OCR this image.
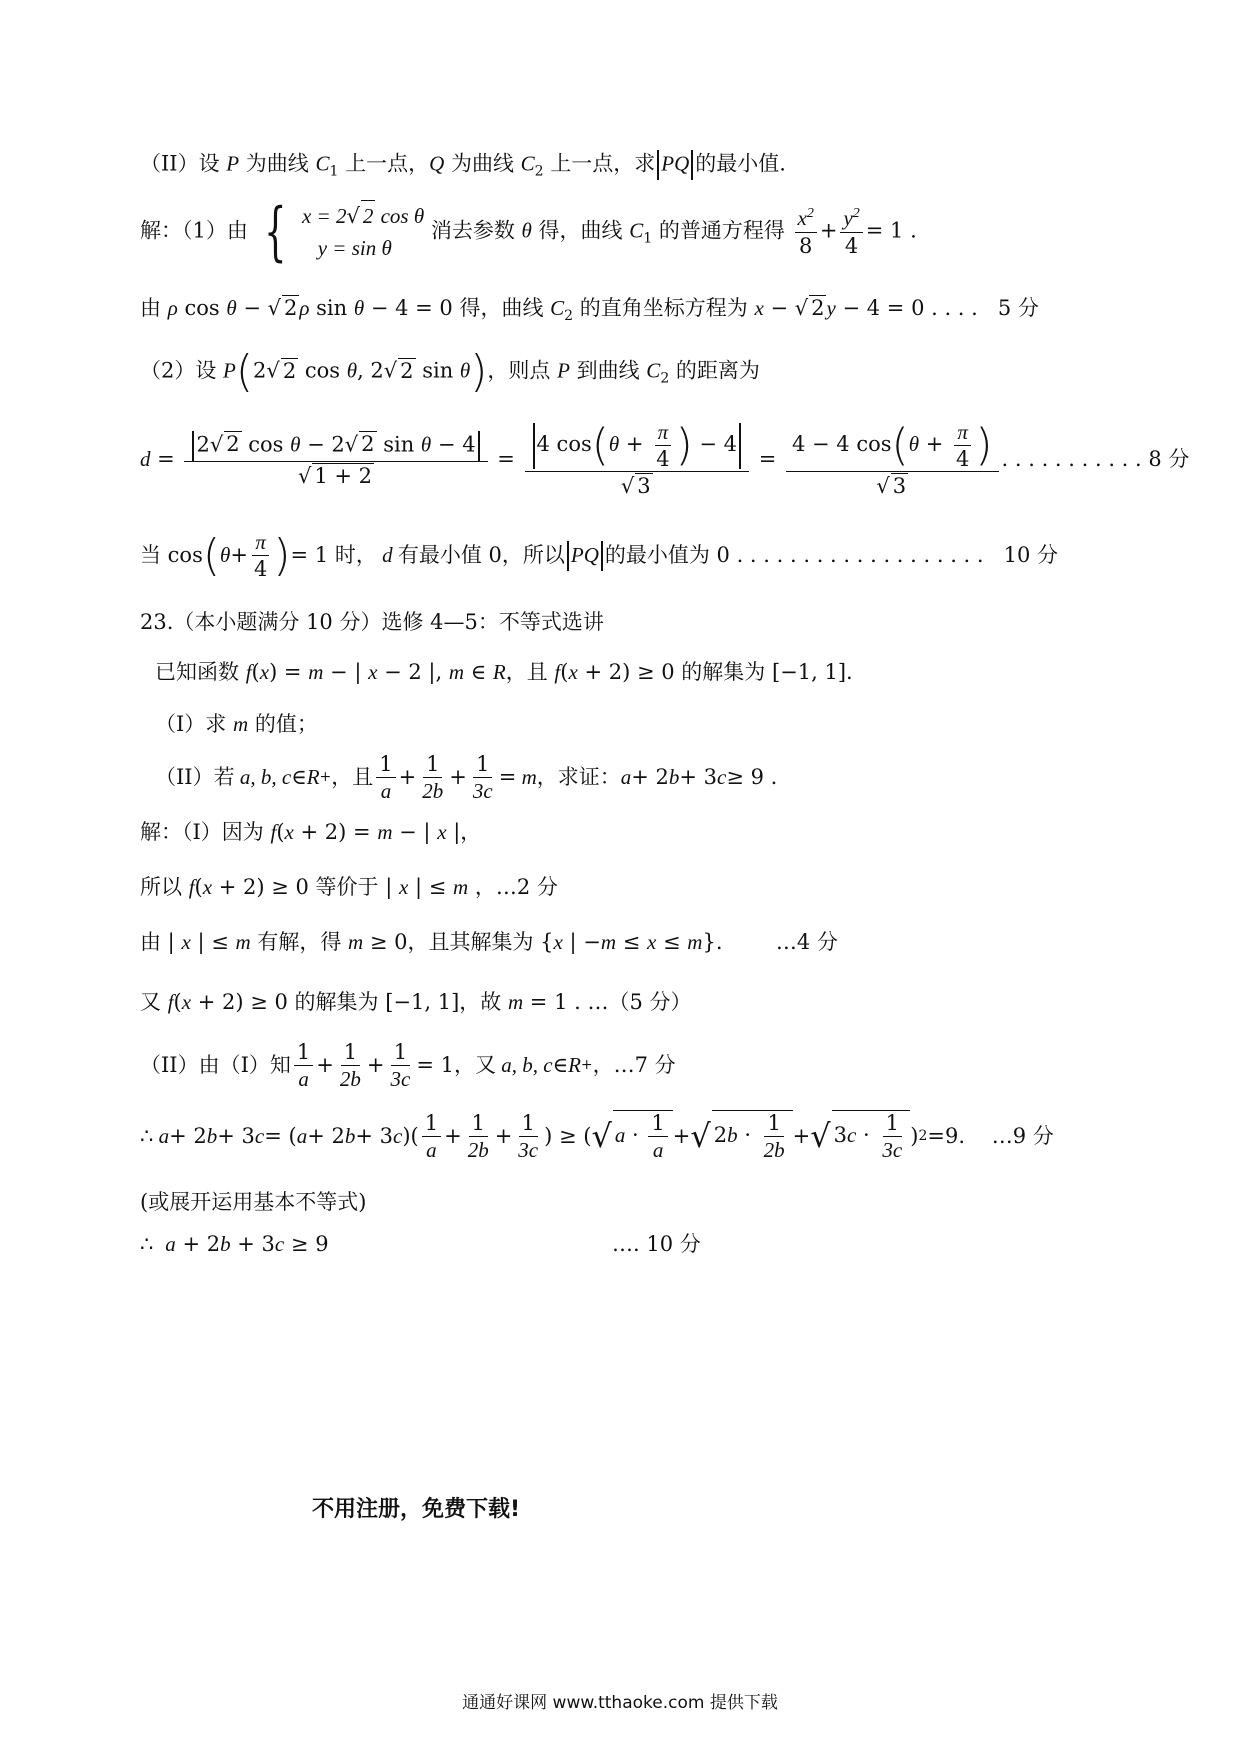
（II）设 P 为曲线 $C_1$ 上一点，Q 为曲线 $C_2$ 上一点，求 PQ 的最小值.
解：（1）由 { x = 2√ 2 cos θ
y = sin θ
消去参数 θ 得，曲线 $C_1$ 的普通方程得 $\frac{x^2}{8} + \frac{y^2}{4} = 1$ .
由 ρ cos θ − √ 2ρ sin θ − 4 = 0 得，曲线 $C_2$ 的直角坐标方程为 x − √ 2y − 4 = 0 . . . .   5 分
（2）设 P(2√ 2 cos θ, 2√ 2 sin θ)，则点 P 到曲线 $C_2$ 的距离为
$d = \frac{\text{2√ 2 cos θ − 2√ 2 sin θ − 4}}{√ 1 + 2} = \frac{4 \cos(\theta + \frac{\pi}{4} ) - 4}{√ 3} = \frac{4 - 4 \cos(\theta + \frac{\pi}{4} )}{√ 3}$ . . . . . . . . . . . 8 分
当 cos ( $\theta + \frac{\pi}{4}$ ) = 1 时， d 有最小值 0，所以 PQ 的最小值为 0 . . . . . . . . . . . . . . . . . . .   10 分
23.（本小题满分 10 分）选修 4—5：不等式选讲
已知函数 f(x) = m − | x − 2 |, m ∈ R，且 f(x + 2) ≥ 0 的解集为 [−1, 1].
（I）求 m 的值；
（II）若 a, b, c ∈ R + ，且 $\frac{1}{a} + \frac{1}{2b} + \frac{1}{3c} = m$ ，求证： a + 2 b + 3 c ≥ 9 .
解：（I）因为 f(x + 2) = m − | x |，
所以 f(x + 2) ≥ 0 等价于 | x | ≤ m ，…2 分
由 | x | ≤ m 有解，得 m ≥ 0，且其解集为 {x | −m ≤ x ≤ m}.        …4 分
又 f(x + 2) ≥ 0 的解集为 [−1, 1]，故 m = 1 . …（5 分）
（II）由（I）知 $\frac{1}{a} + \frac{1}{2b} + \frac{1}{3c} = 1$，又 a, b, c ∈ R + ，…7 分
∴ a + 2 b + 3 c = ( a + 2 b + 3 c )( $\frac{1}{a} + \frac{1}{2b} + \frac{1}{3c}$ ) ≥ ( √ $a \cdot \frac{1}{a}$ + √ $2b \cdot \frac{1}{2b}$ + √ $3c \cdot \frac{1}{3c}$ ) 2 =9.    …9 分
(或展开运用基本不等式)
∴  a + 2b + 3c ≥ 9	…. 10 分
不用注册，免费下载!
通通好课网 www.tthaoke.com 提供下载
